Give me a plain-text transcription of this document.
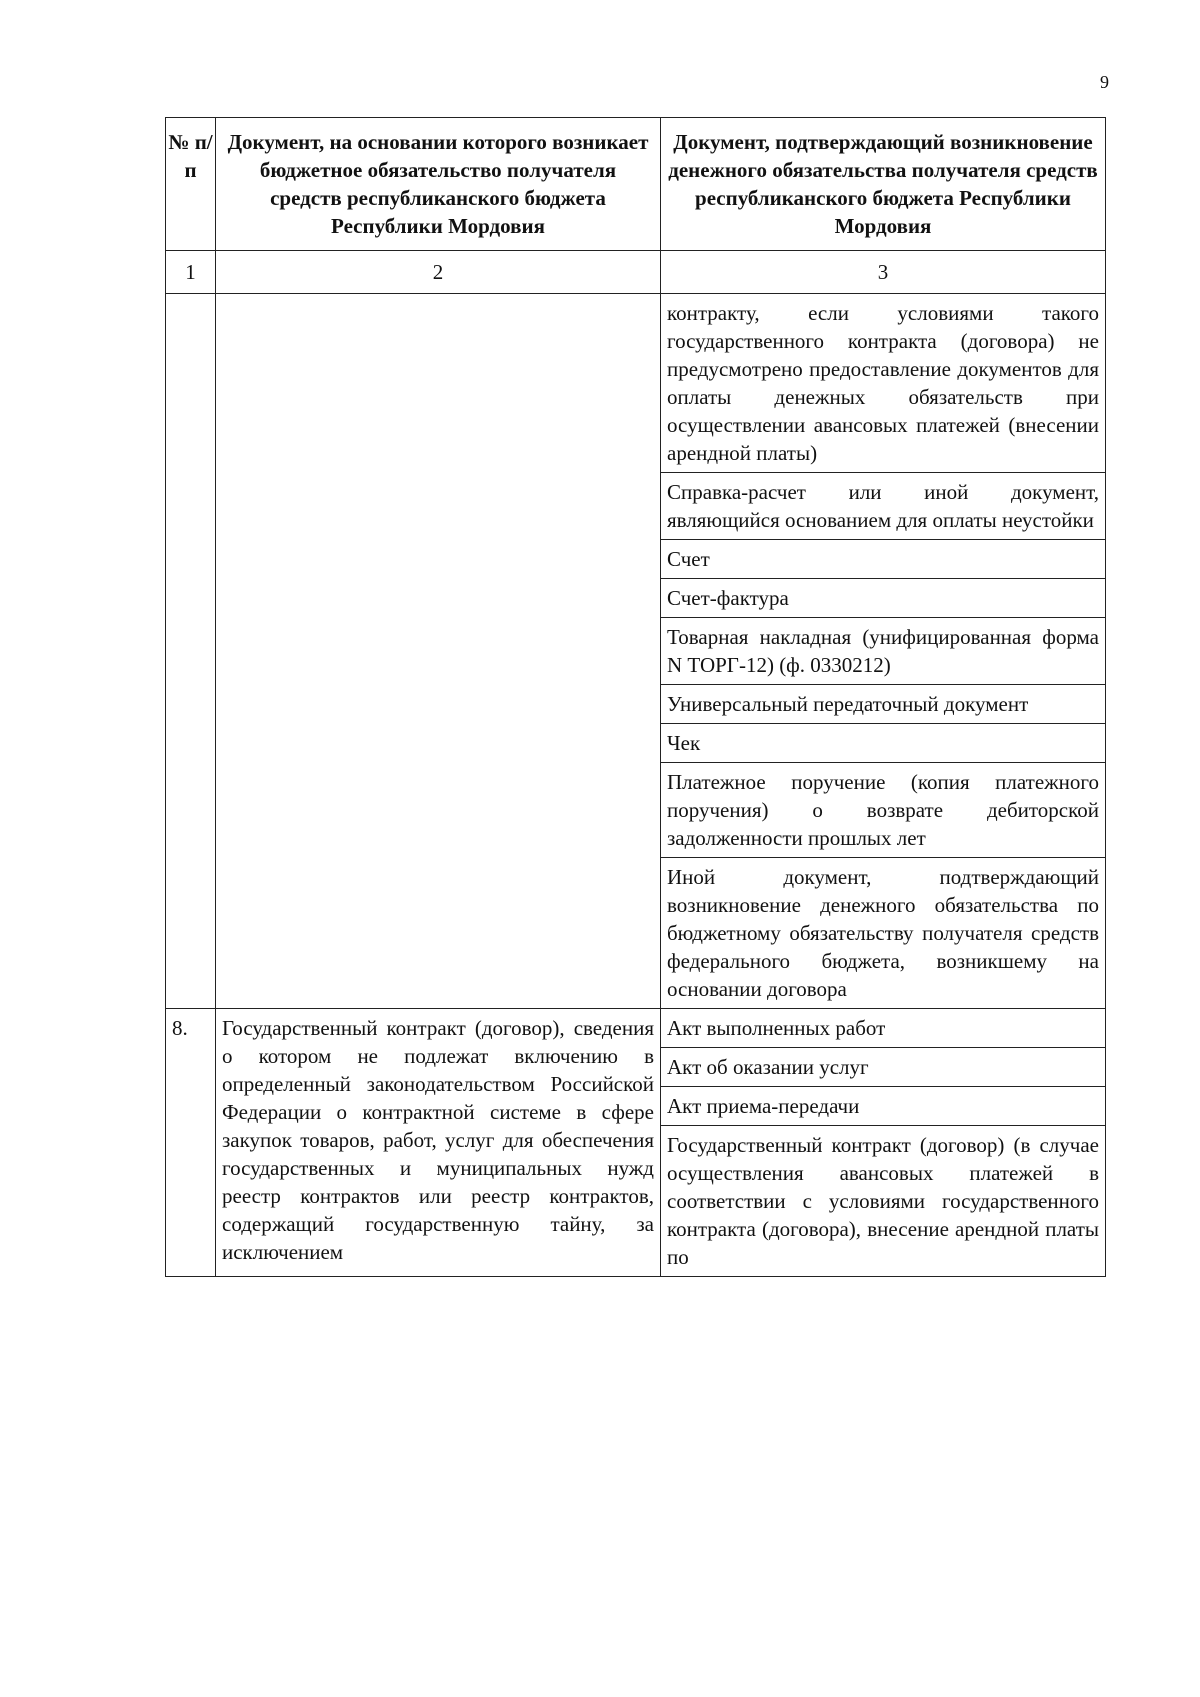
9
№ п/п	Документ, на основании которого возникает бюджетное обязательство получателя средств республиканского бюджета Республики Мордовия	Документ, подтверждающий возникновение денежного обязательства получателя средств республиканского бюджета Республики Мордовия
1	2	3
		контракту, если условиями такого государственного контракта (договора) не предусмотрено предоставление документов для оплаты денежных обязательств при осуществлении авансовых платежей (внесении арендной платы)
		Справка-расчет или иной документ, являющийся основанием для оплаты неустойки
		Счет
		Счет-фактура
		Товарная накладная (унифицированная форма N ТОРГ-12) (ф. 0330212)
		Универсальный передаточный документ
		Чек
		Платежное поручение (копия платежного поручения) о возврате дебиторской задолженности прошлых лет
		Иной документ, подтверждающий возникновение денежного обязательства по бюджетному обязательству получателя средств федерального бюджета, возникшему на основании договора
8.	Государственный контракт (договор), сведения о котором не подлежат включению в определенный законодательством Российской Федерации о контрактной системе в сфере закупок товаров, работ, услуг для обеспечения государственных и муниципальных нужд реестр контрактов или реестр контрактов, содержащий государственную тайну, за исключением	Акт выполненных работ
		Акт об оказании услуг
		Акт приема-передачи
		Государственный контракт (договор) (в случае осуществления авансовых платежей в соответствии с условиями государственного контракта (договора), внесение арендной платы по
